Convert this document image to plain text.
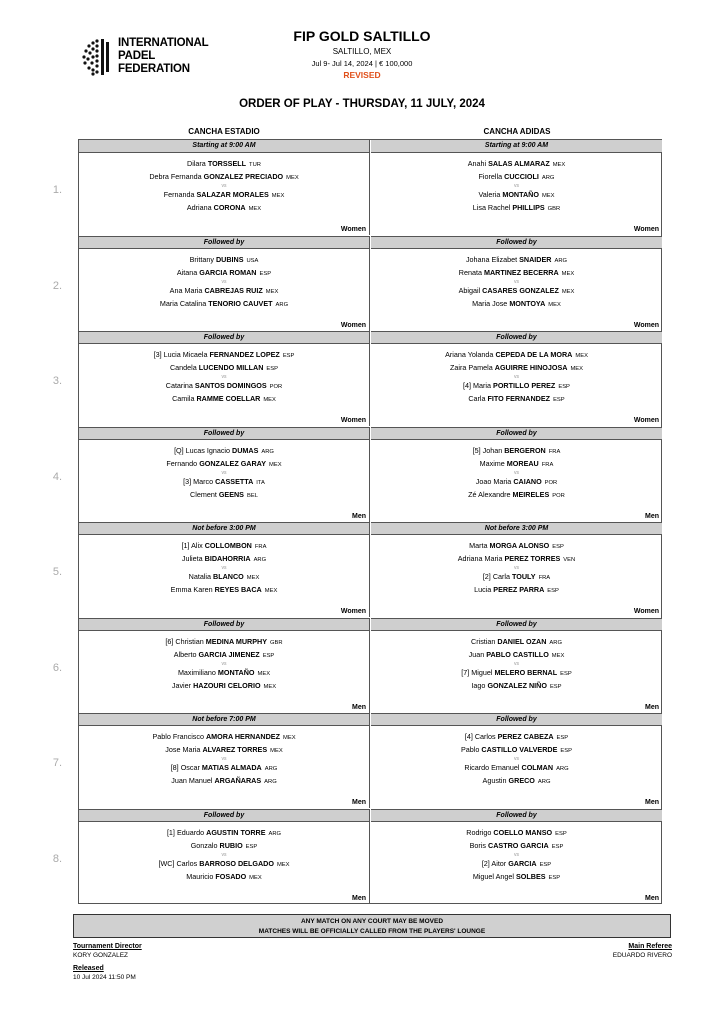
INTERNATIONAL
PADEL
FEDERATION
FIP GOLD SALTILLO
SALTILLO, MEX
Jul 9- Jul 14, 2024 | € 100,000
REVISED
ORDER OF PLAY - THURSDAY, 11 JULY, 2024
CANCHA ESTADIO	CANCHA ADIDAS
1.
2.
3.
4.
5.
6.
7.
8.
Starting at 9:00 AM
Dilara TORSSELL TUR
Debra Fernanda GONZALEZ PRECIADO MEX
vs
Fernanda SALAZAR MORALES MEX
Adriana CORONA MEX
Women
Starting at 9:00 AM
Anahi SALAS ALMARAZ MEX
Fiorella CUCCIOLI ARG
vs
Valeria MONTAÑO MEX
Lisa Rachel PHILLIPS GBR
Women
Followed by
Brittany DUBINS USA
Aitana GARCIA ROMAN ESP
vs
Ana Maria CABREJAS RUIZ MEX
Maria Catalina TENORIO CAUVET ARG
Women
Followed by
Johana Elizabet SNAIDER ARG
Renata MARTINEZ BECERRA MEX
vs
Abigail CASARES GONZALEZ MEX
Maria Jose MONTOYA MEX
Women
Followed by
[3] Lucia Micaela FERNANDEZ LOPEZ ESP
Candela LUCENDO MILLAN ESP
vs
Catarina SANTOS DOMINGOS POR
Camila RAMME COELLAR MEX
Women
Followed by
Ariana Yolanda CEPEDA DE LA MORA MEX
Zaira Pamela AGUIRRE HINOJOSA MEX
vs
[4] Maria PORTILLO PEREZ ESP
Carla FITO FERNANDEZ ESP
Women
Followed by
[Q] Lucas Ignacio DUMAS ARG
Fernando GONZALEZ GARAY MEX
vs
[3] Marco CASSETTA ITA
Clement GEENS BEL
Men
Followed by
[5] Johan BERGERON FRA
Maxime MOREAU FRA
vs
Joao Maria CAIANO POR
Zé Alexandre MEIRELES POR
Men
Not before 3:00 PM
[1] Alix COLLOMBON FRA
Julieta BIDAHORRIA ARG
vs
Natalia BLANCO MEX
Emma Karen REYES BACA MEX
Women
Not before 3:00 PM
Marta MORGA ALONSO ESP
Adriana Maria PEREZ TORRES VEN
vs
[2] Carla TOULY FRA
Lucia PEREZ PARRA ESP
Women
Followed by
[6] Christian MEDINA MURPHY GBR
Alberto GARCIA JIMENEZ ESP
vs
Maximiliano MONTAÑO MEX
Javier HAZOURI CELORIO MEX
Men
Followed by
Cristian DANIEL OZAN ARG
Juan PABLO CASTILLO MEX
vs
[7] Miguel MELERO BERNAL ESP
Iago GONZALEZ NIÑO ESP
Men
Not before 7:00 PM
Pablo Francisco AMORA HERNANDEZ MEX
Jose Maria ALVAREZ TORRES MEX
vs
[8] Oscar MATIAS ALMADA ARG
Juan Manuel ARGAÑARAS ARG
Men
Followed by
[4] Carlos PEREZ CABEZA ESP
Pablo CASTILLO VALVERDE ESP
vs
Ricardo Emanuel COLMAN ARG
Agustin GRECO ARG
Men
Followed by
[1] Eduardo AGUSTIN TORRE ARG
Gonzalo RUBIO ESP
vs
[WC] Carlos BARROSO DELGADO MEX
Mauricio FOSADO MEX
Men
Followed by
Rodrigo COELLO MANSO ESP
Boris CASTRO GARCIA ESP
vs
[2] Aitor GARCIA ESP
Miguel Angel SOLBES ESP
Men
ANY MATCH ON ANY COURT MAY BE MOVED
MATCHES WILL BE OFFICIALLY CALLED FROM THE PLAYERS' LOUNGE
Tournament Director
KORY GONZALEZ
Released
10 Jul 2024 11:50 PM
Main Referee
EDUARDO RIVERO
